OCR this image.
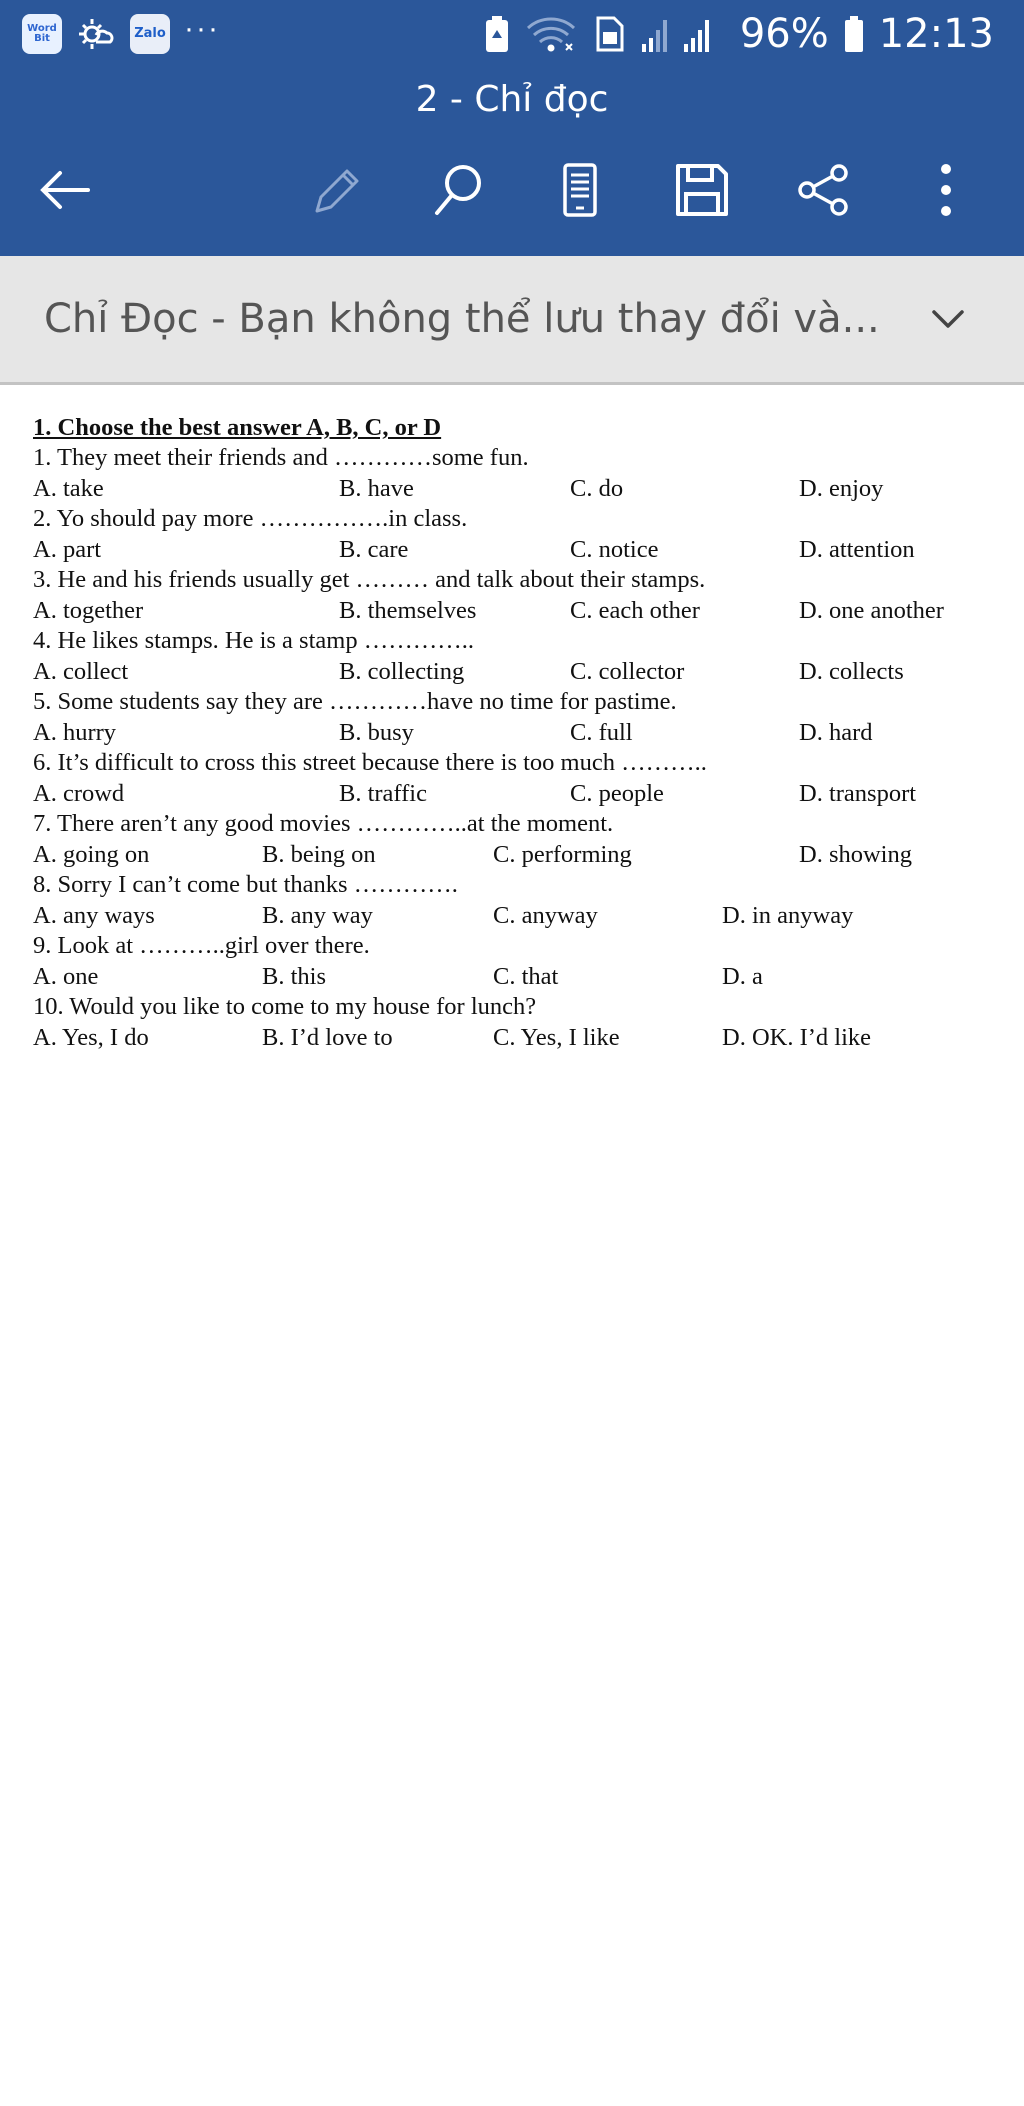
Word Bit	Zalo ···	96% 12:13
2 - Chỉ đọc
Chỉ Đọc - Bạn không thể lưu thay đổi và...
1. Choose the best answer A, B, C, or D
1. They meet their friends and …………some fun.
A. take	B. have	C. do	D. enjoy
2. Yo should pay more …………….in class.
A. part	B. care	C. notice	D. attention
3. He and his friends usually get ……… and talk about their stamps.
A. together	B. themselves	C. each other	D. one another
4. He likes stamps. He is a stamp …………..
A. collect	B. collecting	C. collector	D. collects
5. Some students say they are …………have no time for pastime.
A. hurry	B. busy	C. full	D. hard
6. It’s difficult to cross this street because there is too much ………..
A. crowd	B. traffic	C. people	D. transport
7. There aren’t any good movies …………..at the moment.
A. going on	B. being on	C. performing	D. showing
8. Sorry I can’t come but thanks ………….
A. any ways	B. any way	C. anyway	D. in anyway
9. Look at ………..girl over there.
A. one	B. this	C. that	D. a
10. Would you like to come to my house for lunch?
A. Yes, I do	B. I’d love to	C. Yes, I like	D. OK. I’d like
